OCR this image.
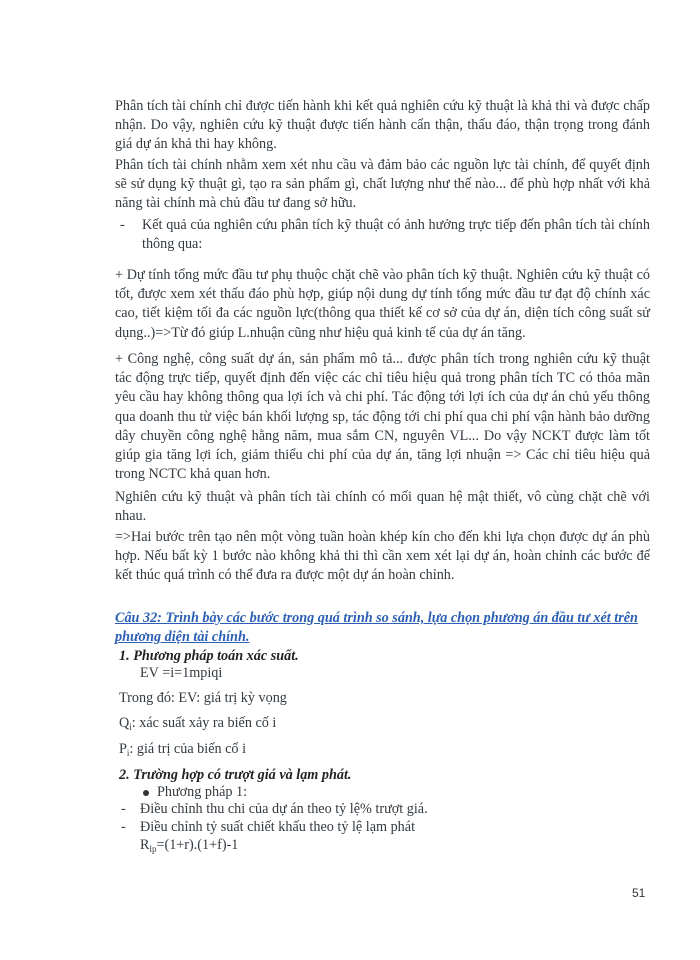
Phân tích tài chính chỉ được tiến hành khi kết quả nghiên cứu kỹ thuật là khả thi và được chấp nhận. Do vậy, nghiên cứu kỹ thuật được tiến hành cẩn thận, thấu đáo, thận trọng trong đánh giá dự án khả thi hay không.

Phân tích tài chính nhằm xem xét nhu cầu và đảm bảo các nguồn lực tài chính, để quyết định sẽ sử dụng kỹ thuật gì, tạo ra sản phẩm gì, chất lượng như thế nào... để phù hợp nhất với khả năng tài chính mà chủ đầu tư đang sở hữu.

- Kết quả của nghiên cứu phân tích kỹ thuật có ảnh hưởng trực tiếp đến phân tích tài chính thông qua:

+ Dự tính tổng mức đầu tư phụ thuộc chặt chẽ vào phân tích kỹ thuật. Nghiên cứu kỹ thuật có tốt, được xem xét thấu đáo phù hợp, giúp nội dung dự tính tổng mức đầu tư đạt độ chính xác cao, tiết kiệm tối đa các nguồn lực(thông qua thiết kế cơ sở của dự án, diện tích công suất sử dụng..)=>Từ đó giúp L.nhuận cũng như hiệu quả kinh tế của dự án tăng.

+ Công nghệ, công suất dự án, sản phẩm mô tả... được phân tích trong nghiên cứu kỹ thuật tác động trực tiếp, quyết định đến việc các chỉ tiêu hiệu quả trong phân tích TC có thỏa mãn yêu cầu hay không thông qua lợi ích và chi phí. Tác động tới lợi ích của dự án chủ yếu thông qua doanh thu từ việc bán khối lượng sp, tác động tới chi phí qua chi phí vận hành bảo dưỡng dây chuyền công nghệ hằng năm, mua sắm CN, nguyên VL... Do vậy NCKT được làm tốt giúp gia tăng lợi ích, giảm thiểu chi phí của dự án, tăng lợi nhuận => Các chỉ tiêu hiệu quả trong NCTC khả quan hơn.

Nghiên cứu kỹ thuật và phân tích tài chính có mối quan hệ mật thiết, vô cùng chặt chẽ với nhau.

=>Hai bước trên tạo nên một vòng tuần hoàn khép kín cho đến khi lựa chọn được dự án phù hợp. Nếu bất kỳ 1 bước nào không khả thi thì cần xem xét lại dự án, hoàn chỉnh các bước để kết thúc quá trình có thể đưa ra được một dự án hoàn chỉnh.

Câu 32: Trình bày các bước trong quá trình so sánh, lựa chọn phương án đầu tư xét trên phương diện tài chính.

1. Phương pháp toán xác suất.

EV =i=1mpiqi

Trong đó: EV: giá trị kỳ vọng

$Q_i$: xác suất xảy ra biến cố i

$P_i$: giá trị của biến cố i

2. Trường hợp có trượt giá và lạm phát.

Phương pháp 1:

- Điều chỉnh thu chi của dự án theo tỷ lệ% trượt giá.

- Điều chỉnh tỷ suất chiết khấu theo tỷ lệ lạm phát

$R_{lp}=(1+r).(1+f)-1$

51
